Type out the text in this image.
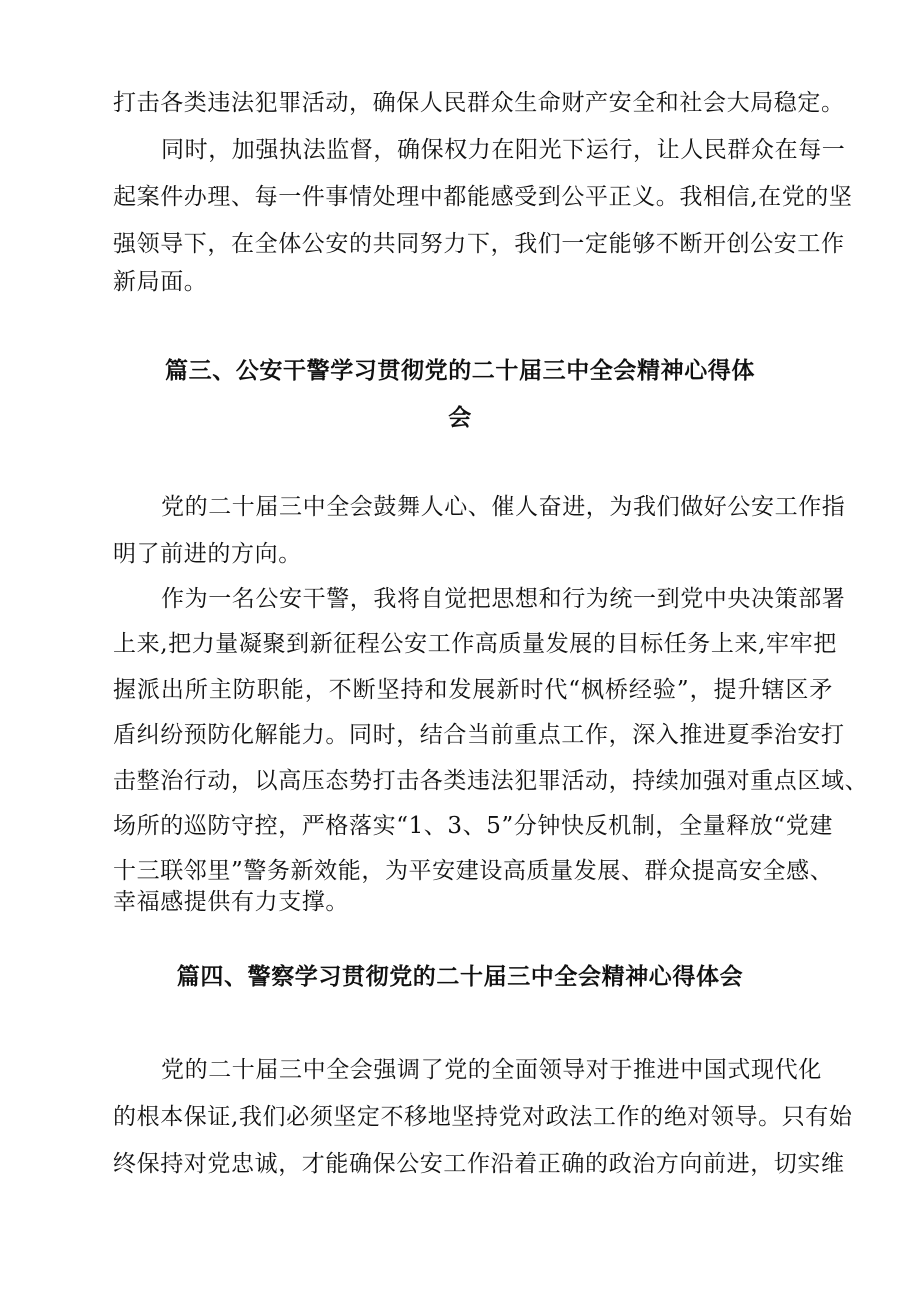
打击各类违法犯罪活动，确保人民群众生命财产安全和社会大局稳定。
同时，加强执法监督，确保权力在阳光下运行，让人民群众在每一
起案件办理、每一件事情处理中都能感受到公平正义。我相信,在党的坚
强领导下，在全体公安的共同努力下，我们一定能够不断开创公安工作
新局面。
篇三、公安干警学习贯彻党的二十届三中全会精神心得体
会
党的二十届三中全会鼓舞人心、催人奋进，为我们做好公安工作指
明了前进的方向。
作为一名公安干警，我将自觉把思想和行为统一到党中央决策部署
上来,把力量凝聚到新征程公安工作高质量发展的目标任务上来,牢牢把
握派出所主防职能，不断坚持和发展新时代“枫桥经验”，提升辖区矛
盾纠纷预防化解能力。同时，结合当前重点工作，深入推进夏季治安打
击整治行动，以高压态势打击各类违法犯罪活动，持续加强对重点区域、
场所的巡防守控，严格落实“1、3、5”分钟快反机制，全量释放“党建
十三联邻里”警务新效能，为平安建设高质量发展、群众提高安全感、
幸福感提供有力支撑。
篇四、警察学习贯彻党的二十届三中全会精神心得体会
党的二十届三中全会强调了党的全面领导对于推进中国式现代化
的根本保证,我们必须坚定不移地坚持党对政法工作的绝对领导。只有始
终保持对党忠诚，才能确保公安工作沿着正确的政治方向前进，切实维
